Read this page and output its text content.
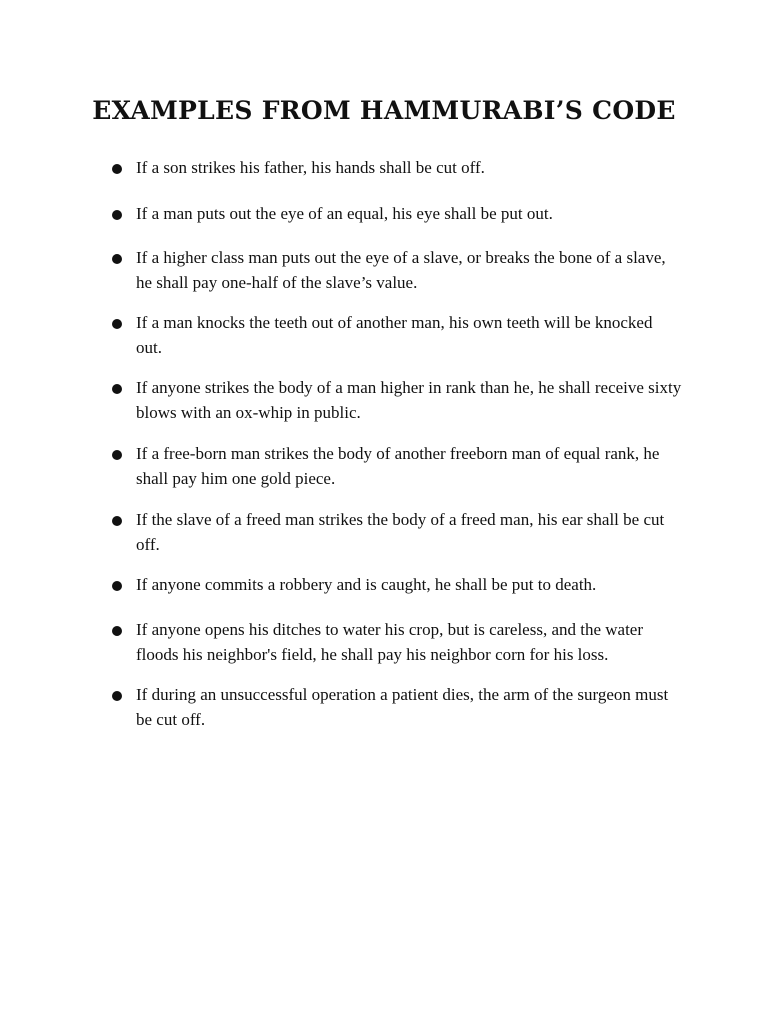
EXAMPLES FROM HAMMURABI’S CODE
If a son strikes his father, his hands shall be cut off.
If a man puts out the eye of an equal, his eye shall be put out.
If a higher class man puts out the eye of a slave, or breaks the bone of a slave, he shall pay one-half of the slave’s value.
If a man knocks the teeth out of another man, his own teeth will be knocked out.
If anyone strikes the body of a man higher in rank than he, he shall receive sixty blows with an ox-whip in public.
If a free-born man strikes the body of another freeborn man of equal rank, he shall pay him one gold piece.
If the slave of a freed man strikes the body of a freed man, his ear shall be cut off.
If anyone commits a robbery and is caught, he shall be put to death.
If anyone opens his ditches to water his crop, but is careless, and the water floods his neighbor's field, he shall pay his neighbor corn for his loss.
If during an unsuccessful operation a patient dies, the arm of the surgeon must be cut off.
